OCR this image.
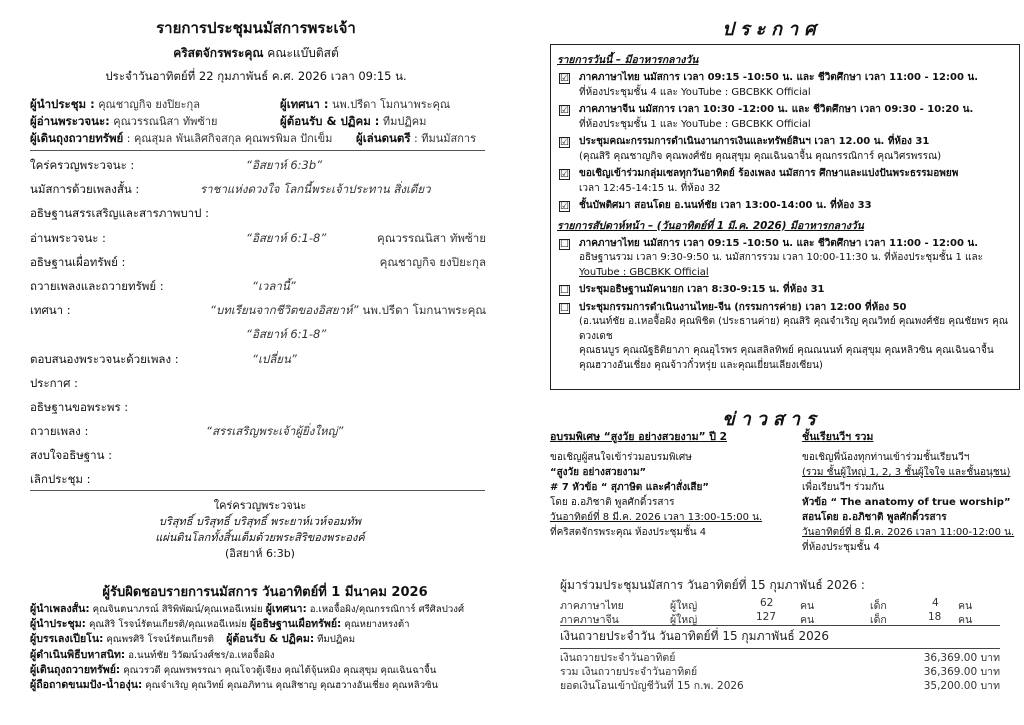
รายการประชุมนมัสการพระเจ้า
คริสตจักรพระคุณ คณะแบ๊บติสต์
ประจำวันอาทิตย์ที่ 22 กุมภาพันธ์ ค.ศ. 2026 เวลา 09:15 น.
ผู้นำประชุม : คุณชาญกิจ ยงปิยะกุล	ผู้เทศนา : นพ.ปรีดา โมกนาพระคุณ
ผู้อ่านพระวจนะ: คุณวรรณนิสา ทัพซ้าย	ผู้ต้อนรับ & ปฏิคม : ทีมปฏิคม
ผู้เดินถุงถวายทรัพย์ : คุณสุมล พันเลิศกิจสกุล คุณพรพิมล ปักเข็ม ผู้เล่นดนตรี : ทีมนมัสการ
ใคร่ครวญพระวจนะ :	“อิสยาห์ 6:3b”
นมัสการด้วยเพลงสั้น :	ราชาแห่งดวงใจ โลกนี้พระเจ้าประทาน สิ่งเดียว
อธิษฐานสรรเสริญและสารภาพบาป :
อ่านพระวจนะ :	“อิสยาห์ 6:1-8”	คุณวรรณนิสา ทัพซ้าย
อธิษฐานเผื่อทรัพย์ :	คุณชาญกิจ ยงปิยะกุล
ถวายเพลงและถวายทรัพย์ :	“เวลานี้”
เทศนา :	“บทเรียนจากชีวิตของอิสยาห์” นพ.ปรีดา โมกนาพระคุณ
“อิสยาห์ 6:1-8”
ตอบสนองพระวจนะด้วยเพลง :	“เปลี่ยน”
ประกาศ :
อธิษฐานขอพระพร :
ถวายเพลง :	“สรรเสริญพระเจ้าผู้ยิ่งใหญ่”
สงบใจอธิษฐาน :
เลิกประชุม :
ใคร่ครวญพระวจนะ
บริสุทธิ์ บริสุทธิ์ บริสุทธิ์ พระยาห์เวห์จอมทัพ
แผ่นดินโลกทั้งสิ้นเต็มด้วยพระสิริของพระองค์
(อิสยาห์ 6:3b)
ผู้รับผิดชอบรายการนมัสการ วันอาทิตย์ที่ 1 มีนาคม 2026
ผู้นำเพลงสั้น: คุณจินตนาภรณ์ สิริพิพัฒน์/คุณเหอฉีเหม่ย ผู้เทศนา: อ.เหอจื้อผิง/คุณกรรณิการ์ ศรีศิลปวงศ์
ผู้นำประชุม: คุณสิริ โรจน์รัตนเกียรติ/คุณเหอฉีเหม่ย ผู้อธิษฐานเผื่อทรัพย์: คุณหยางหรงต้า
ผู้บรรเลงเปียโน: คุณพรศิริ โรจน์รัตนเกียรติ ผู้ต้อนรับ & ปฏิคม: ทีมปฏิคม
ผู้ดำเนินพิธีบหาสนิท: อ.นนท์ชัย วิวัฒน์วงศ์ชร/อ.เหอจื้อผิง
ผู้เดินถุงถวายทรัพย์: คุณวรวดี คุณพรพรรณา คุณโจวตู้เจียง คุณไต้จุ้นหมิง คุณสุขุม คุณเฉินฉาจื้น
ผู้ถือถาดขนมปัง-น้ำองุ่น: คุณจำเริญ คุณวิทย์ คุณอภิทาน คุณสิชาญ คุณฮวางอันเชี่ยง คุณหลิวซิน
ประกาศ
รายการวันนี้ – มีอาหารกลางวัน
☑ ภาคภาษาไทย นมัสการ เวลา 09:15 -10:50 น. และ ชีวิตศึกษา เวลา 11:00 - 12:00 น.
ที่ห้องประชุมชั้น 4 และ YouTube : GBCBKK Official
☑ ภาคภาษาจีน นมัสการ เวลา 10:30 -12:00 น. และ ชีวิตศึกษา เวลา 09:30 - 10:20 น.
ที่ห้องประชุมชั้น 1 และ YouTube : GBCBKK Official
☑ ประชุมคณะกรรมการดำเนินงานการเงินและทรัพย์สินฯ เวลา 12.00 น. ที่ห้อง 31
(คุณสิริ คุณชาญกิจ คุณพงศ์ชัย คุณสุขุม คุณเฉินฉาจื้น คุณกรรณิการ์ คุณวิศรพรรณ)
☑ ขอเชิญเข้าร่วมกลุ่มเซลทุกวันอาทิตย์ ร้องเพลง นมัสการ ศึกษาและแบ่งปันพระธรรมอพยพ
เวลา 12:45-14:15 น. ที่ห้อง 32
☑ ชั้นบัพติศมา สอนโดย อ.นนท์ชัย เวลา 13:00-14:00 น. ที่ห้อง 33
รายการสัปดาห์หน้า – (วันอาทิตย์ที่ 1 มี.ค. 2026) มีอาหารกลางวัน
☐ ภาคภาษาไทย นมัสการ เวลา 09:15 -10:50 น. และ ชีวิตศึกษา เวลา 11:00 - 12:00 น.
อธิษฐานรวม เวลา 9:30-9:50 น. นมัสการรวม เวลา 10:00-11:30 น. ที่ห้องประชุมชั้น 1 และ
YouTube : GBCBKK Official
☐ ประชุมอธิษฐานมัคนายก เวลา 8:30-9:15 น. ที่ห้อง 31
☐ ประชุมกรรมการดำเนินงานไทย-จีน (กรรมการค่าย) เวลา 12:00 ที่ห้อง 50
(อ.นนท์ชัย อ.เหอจื้อผิง คุณพิชิต (ประธานค่าย) คุณสิริ คุณจำเริญ คุณวิทย์ คุณพงศ์ชัย คุณชัยพร คุณดวงเดช
คุณธนบูร คุณณัฐธิติยาภา คุณอุไรพร คุณสลิลทิพย์ คุณณนนท์ คุณสุขุม คุณหลิวซิน คุณเฉินฉาจื้น
คุณฮวางอันเชี่ยง คุณจ้าวกั๋วหรุ่ย และคุณเยี่ยนเลียงเซียน)
ข่าวสาร
อบรมพิเศษ “สูงวัย อย่างสวยงาม” ปี 2
ขอเชิญผู้สนใจเข้าร่วมอบรมพิเศษ
“สูงวัย อย่างสวยงาม”
# 7 หัวข้อ “ สุภาษิต และคำสั่งเสีย”
โดย อ.อภิชาติ พูลศักดิ์วรสาร
วันอาทิตย์ที่ 8 มี.ค. 2026 เวลา 13:00-15:00 น.
ที่คริสตจักรพระคุณ ห้องประชุมชั้น 4
ชั้นเรียนวีฯ รวม
ขอเชิญพี่น้องทุกท่านเข้าร่วมชั้นเรียนวีฯ
(รวม ชั้นผู้ใหญ่ 1, 2, 3 ชั้นผู้ใจใจ และชั้นอนุชน)
เพื่อเรียนวีฯ ร่วมกัน
หัวข้อ “ The anatomy of true worship”
สอนโดย อ.อภิชาติ พูลศักดิ์วรสาร
วันอาทิตย์ที่ 8 มี.ค. 2026 เวลา 11:00-12:00 น.
ที่ห้องประชุมชั้น 4
ผู้มาร่วมประชุมนมัสการ วันอาทิตย์ที่ 15 กุมภาพันธ์ 2026 :
ภาคภาษาไทย	ผู้ใหญ่	62	คน	เด็ก	4 คน
ภาคภาษาจีน	ผู้ใหญ่	127 คน	เด็ก	18 คน
เงินถวายประจำวัน วันอาทิตย์ที่ 15 กุมภาพันธ์ 2026
เงินถวายประจำวันอาทิตย์	36,369.00 บาท
รวม เงินถวายประจำวันอาทิตย์	36,369.00 บาท
ยอดเงินโอนเข้าบัญชีวันที่ 15 ก.พ. 2026	35,200.00 บาท
